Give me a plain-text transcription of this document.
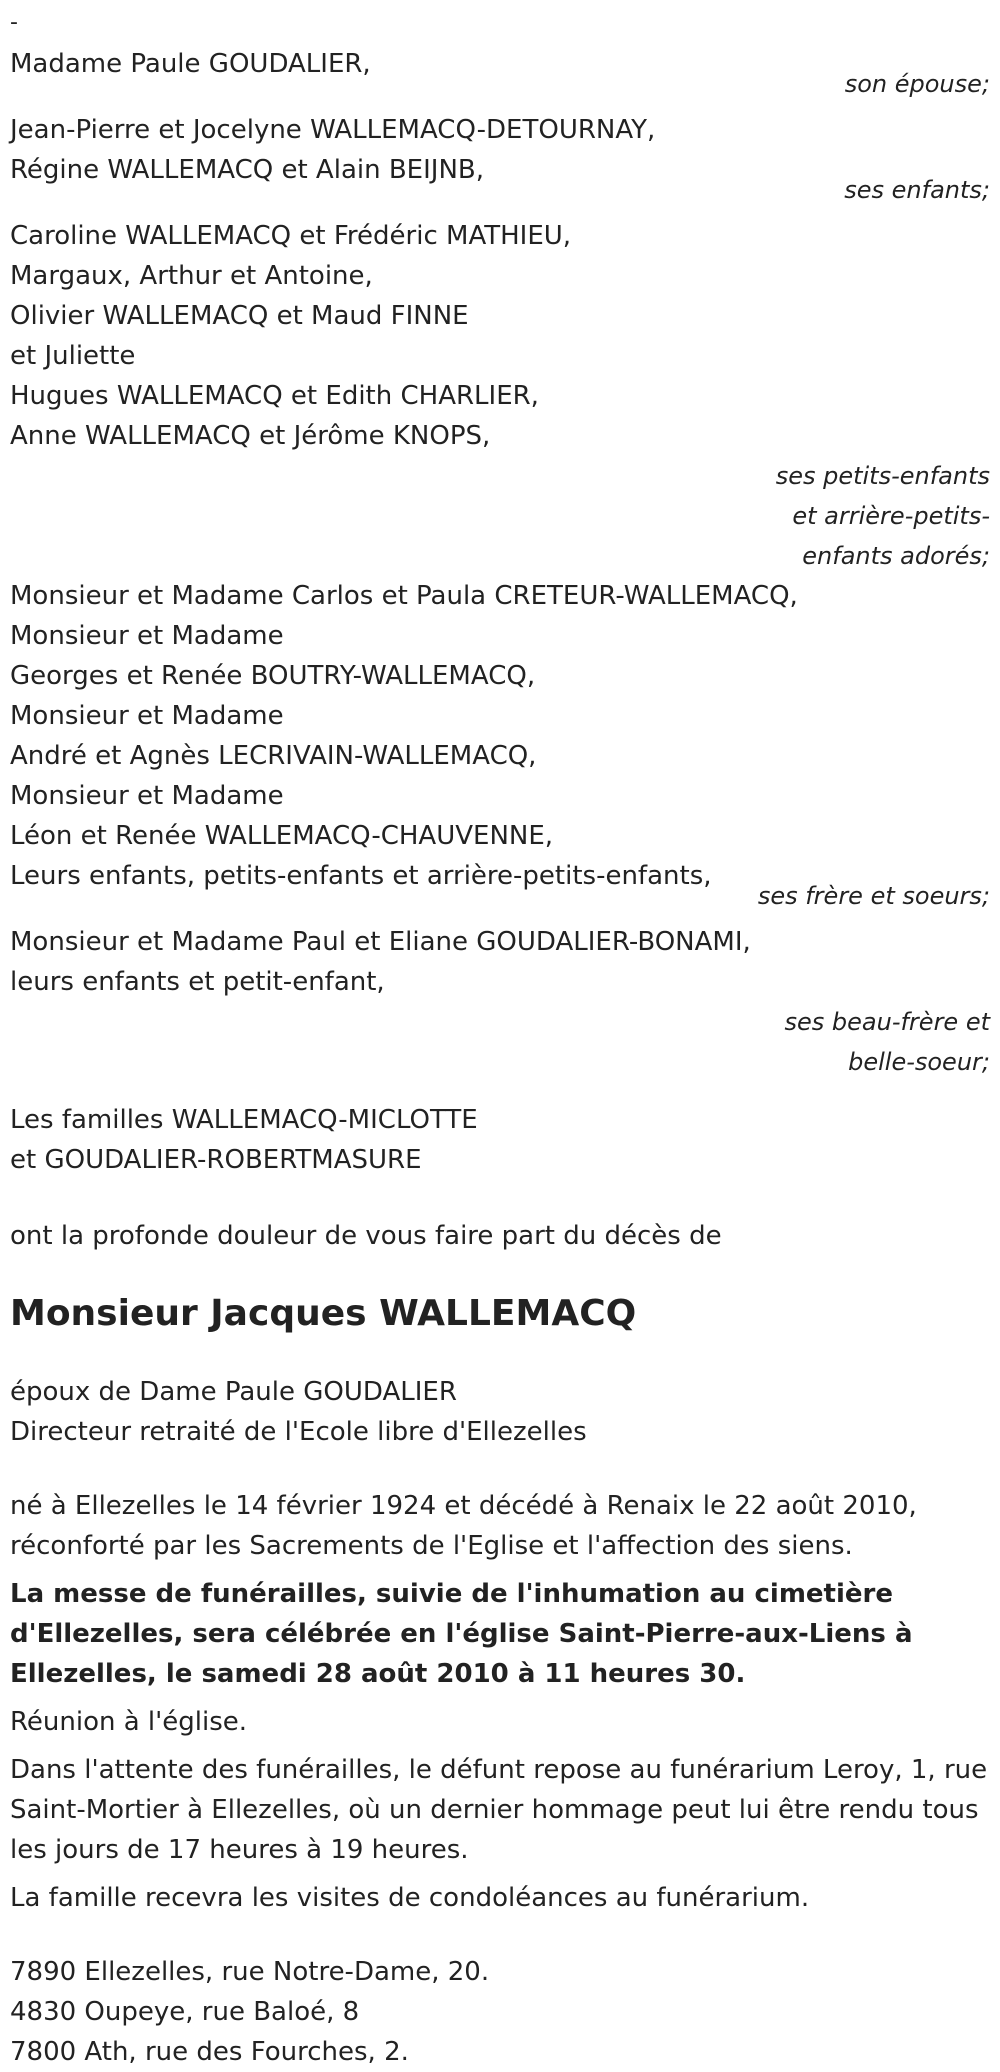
-
Madame Paule GOUDALIER,
son épouse;
Jean-Pierre et Jocelyne WALLEMACQ-DETOURNAY,
Régine WALLEMACQ et Alain BEIJNB,
ses enfants;
Caroline WALLEMACQ et Frédéric MATHIEU,
Margaux, Arthur et Antoine,
Olivier WALLEMACQ et Maud FINNE
et Juliette
Hugues WALLEMACQ et Edith CHARLIER,
Anne WALLEMACQ et Jérôme KNOPS,
ses petits-enfants
et arrière-petits-
enfants adorés;
Monsieur et Madame Carlos et Paula CRETEUR-WALLEMACQ,
Monsieur et Madame
Georges et Renée BOUTRY-WALLEMACQ,
Monsieur et Madame
André et Agnès LECRIVAIN-WALLEMACQ,
Monsieur et Madame
Léon et Renée WALLEMACQ-CHAUVENNE,
Leurs enfants, petits-enfants et arrière-petits-enfants,
ses frère et soeurs;
Monsieur et Madame Paul et Eliane GOUDALIER-BONAMI,
leurs enfants et petit-enfant,
ses beau-frère et
belle-soeur;
Les familles WALLEMACQ-MICLOTTE
et GOUDALIER-ROBERTMASURE
ont la profonde douleur de vous faire part du décès de
Monsieur Jacques WALLEMACQ
époux de Dame Paule GOUDALIER
Directeur retraité de l'Ecole libre d'Ellezelles
né à Ellezelles le 14 février 1924 et décédé à Renaix le 22 août 2010,
réconforté par les Sacrements de l'Eglise et l'affection des siens.
La messe de funérailles, suivie de l'inhumation au cimetière d'Ellezelles, sera célébrée en l'église Saint-Pierre-aux-Liens à Ellezelles, le samedi 28 août 2010 à 11 heures 30.
Réunion à l'église.
Dans l'attente des funérailles, le défunt repose au funérarium Leroy, 1, rue Saint-Mortier à Ellezelles, où un dernier hommage peut lui être rendu tous les jours de 17 heures à 19 heures.
La famille recevra les visites de condoléances au funérarium.
7890 Ellezelles, rue Notre-Dame, 20.
4830 Oupeye, rue Baloé, 8
7800 Ath, rue des Fourches, 2.
